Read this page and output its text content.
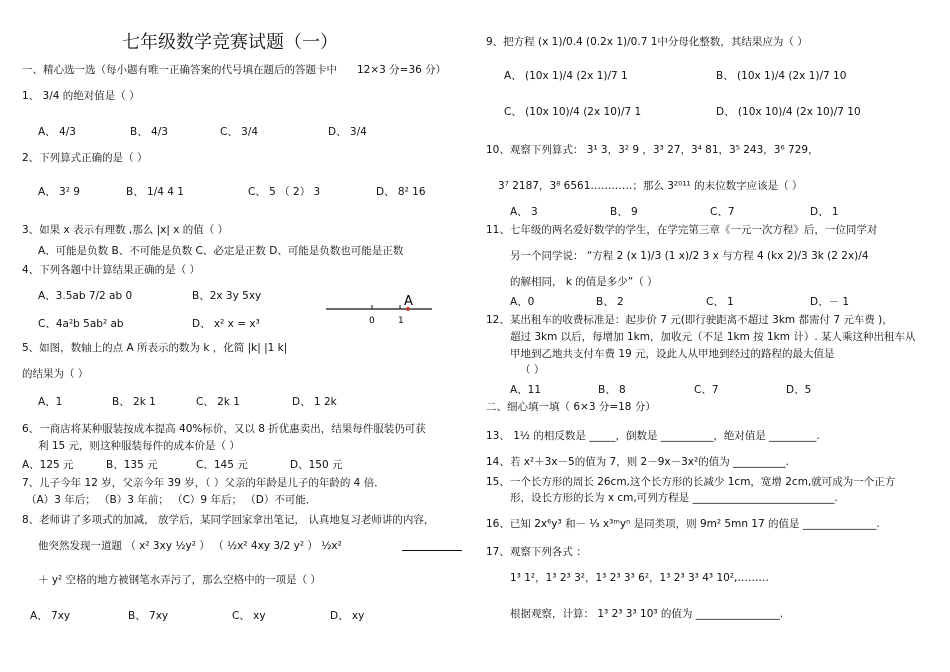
七年级数学竞赛试题（一）
一、精心选一选（每小题有唯一正确答案的代号填在题后的答题卡中 12×3 分=36 分）
1、 3/4 的绝对值是（ ）
A、 4/3	B、 4/3	C、 3/4	D、 3/4
2、下列算式正确的是（ ）
A、 3² 9	B、 1/4 4 1	C、 5 （ 2） 3	D、 8² 16
3、如果 x 表示有理数 ,那么 |x| x 的值（ ）
A、可能是负数 B、不可能是负数 C、必定是正数 D、可能是负数也可能是正数
4、下列各题中计算结果正确的是（ ）
A、3.5ab 7/2 ab 0	B、2x 3y 5xy
C、4a²b 5ab² ab	D、 x² x = x³
A
0	1
5、如图，数轴上的点 A 所表示的数为 k ，化简 |k| |1 k|
的结果为（ ）
A、1	B、 2k 1	C、 2k 1	D、 1 2k
6、一商店将某种服装按成本提高 40%标价，又以 8 折优惠卖出，结果每件服装仍可获
利 15 元，则这种服装每件的成本价是（ ）
A、125 元	B、135 元	C、145 元	D、150 元
7、儿子今年 12 岁，父亲今年 39 岁，（ ）父亲的年龄是儿子的年龄的 4 倍．
（A）3 年后； （B）3 年前； （C）9 年后； （D）不可能．
8、老师讲了多项式的加减， 放学后，某同学回家拿出笔记， 认真地复习老师讲的内容，
他突然发现一道题 （ x² 3xy ½y² ） （ ½x² 4xy 3/2 y² ） ½x²
＋ y² 空格的地方被钢笔水弄污了，那么空格中的一项是（ ）
A、 7xy	B、 7xy	C、 xy	D、 xy
9、把方程 (x 1)/0.4 (0.2x 1)/0.7 1中分母化整数，其结果应为（ ）
A、 (10x 1)/4 (2x 1)/7 1	B、 (10x 1)/4 (2x 1)/7 10
C、 (10x 10)/4 (2x 10)/7 1	D、 (10x 10)/4 (2x 10)/7 10
10、观察下列算式： 3¹ 3，3² 9 ，3³ 27，3⁴ 81，3⁵ 243，3⁶ 729，
3⁷ 2187，3⁸ 6561…………；那么 3²⁰¹¹ 的末位数字应该是（ ）
A、 3	B、 9	C、7	D、 1
11、七年级的两名爱好数学的学生，在学完第三章《一元一次方程》后，一位同学对
另一个同学说： “方程 2 (x 1)/3 (1 x)/2 3 x 与方程 4 (kx 2)/3 3k (2 2x)/4
的解相同， k 的值是多少”（ ）
A、0	B、 2	C、 1	D、－ 1
12、某出租车的收费标准是：起步价 7 元(即行驶距离不超过 3km 都需付 7 元车费 )，
超过 3km 以后，每增加 1km，加收元（不足 1km 按 1km 计）. 某人乘这种出租车从
甲地到乙地共支付车费 19 元，设此人从甲地到经过的路程的最大值是
（ ）
A、11	B、 8	C、7	D、5
二、细心填一填（ 6×3 分=18 分）
13、 1½ 的相反数是 _____，倒数是 __________，绝对值是 _________.
14、若 x²＋3x－5的值为 7，则 2－9x－3x²的值为 __________.
15、一个长方形的周长 26cm,这个长方形的长减少 1cm，宽增 2cm,就可成为一个正方
形，设长方形的长为 x cm,可列方程是 ___________________________.
16、已知 2x⁶y³ 和－ ⅓ x³ᵐyⁿ 是同类项，则 9m² 5mn 17 的值是 ______________.
17、观察下列各式 ：
1³ 1²，1³ 2³ 3²，1³ 2³ 3³ 6²，1³ 2³ 3³ 4³ 10²,………
根据观察，计算： 1³ 2³ 3³ 10³ 的值为 ________________.
